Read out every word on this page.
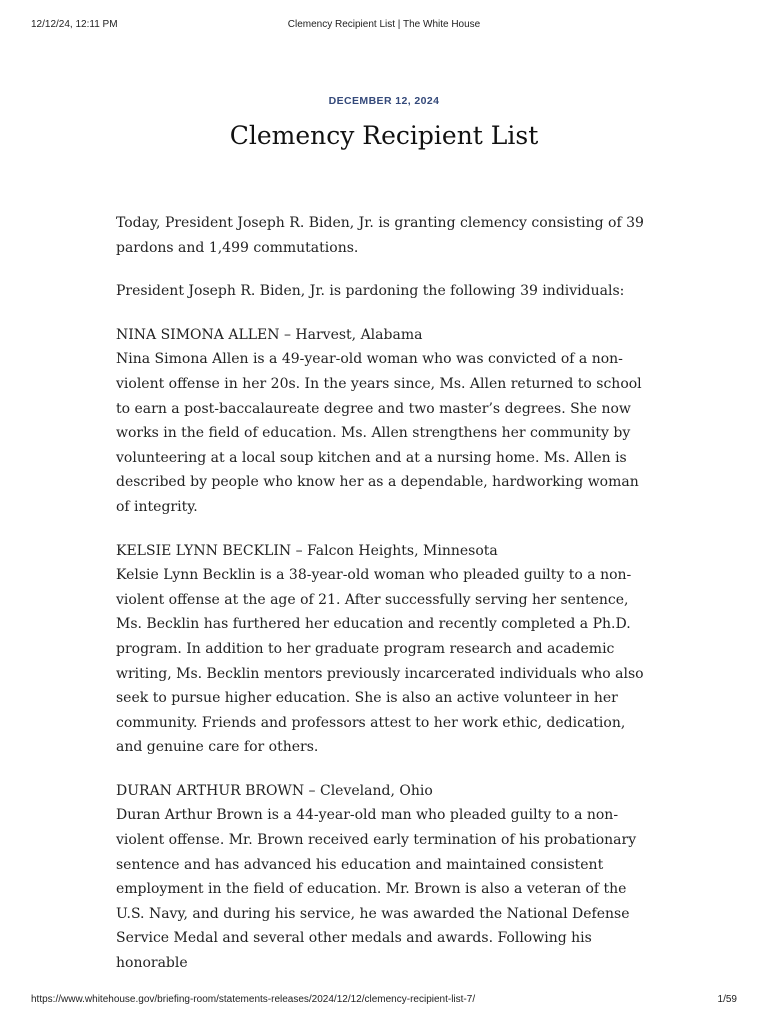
12/12/24, 12:11 PM	Clemency Recipient List | The White House
DECEMBER 12, 2024
Clemency Recipient List

Today, President Joseph R. Biden, Jr. is granting clemency consisting of 39 pardons and 1,499 commutations.

President Joseph R. Biden, Jr. is pardoning the following 39 individuals:

NINA SIMONA ALLEN – Harvest, Alabama
Nina Simona Allen is a 49-year-old woman who was convicted of a non-violent offense in her 20s. In the years since, Ms. Allen returned to school to earn a post-baccalaureate degree and two master’s degrees. She now works in the field of education. Ms. Allen strengthens her community by volunteering at a local soup kitchen and at a nursing home. Ms. Allen is described by people who know her as a dependable, hardworking woman of integrity.
KELSIE LYNN BECKLIN – Falcon Heights, Minnesota
Kelsie Lynn Becklin is a 38-year-old woman who pleaded guilty to a non-violent offense at the age of 21. After successfully serving her sentence, Ms. Becklin has furthered her education and recently completed a Ph.D. program. In addition to her graduate program research and academic writing, Ms. Becklin mentors previously incarcerated individuals who also seek to pursue higher education. She is also an active volunteer in her community. Friends and professors attest to her work ethic, dedication, and genuine care for others.
DURAN ARTHUR BROWN – Cleveland, Ohio
Duran Arthur Brown is a 44-year-old man who pleaded guilty to a non-violent offense. Mr. Brown received early termination of his probationary sentence and has advanced his education and maintained consistent employment in the field of education. Mr. Brown is also a veteran of the U.S. Navy, and during his service, he was awarded the National Defense Service Medal and several other medals and awards. Following his honorable
https://www.whitehouse.gov/briefing-room/statements-releases/2024/12/12/clemency-recipient-list-7/	1/59
